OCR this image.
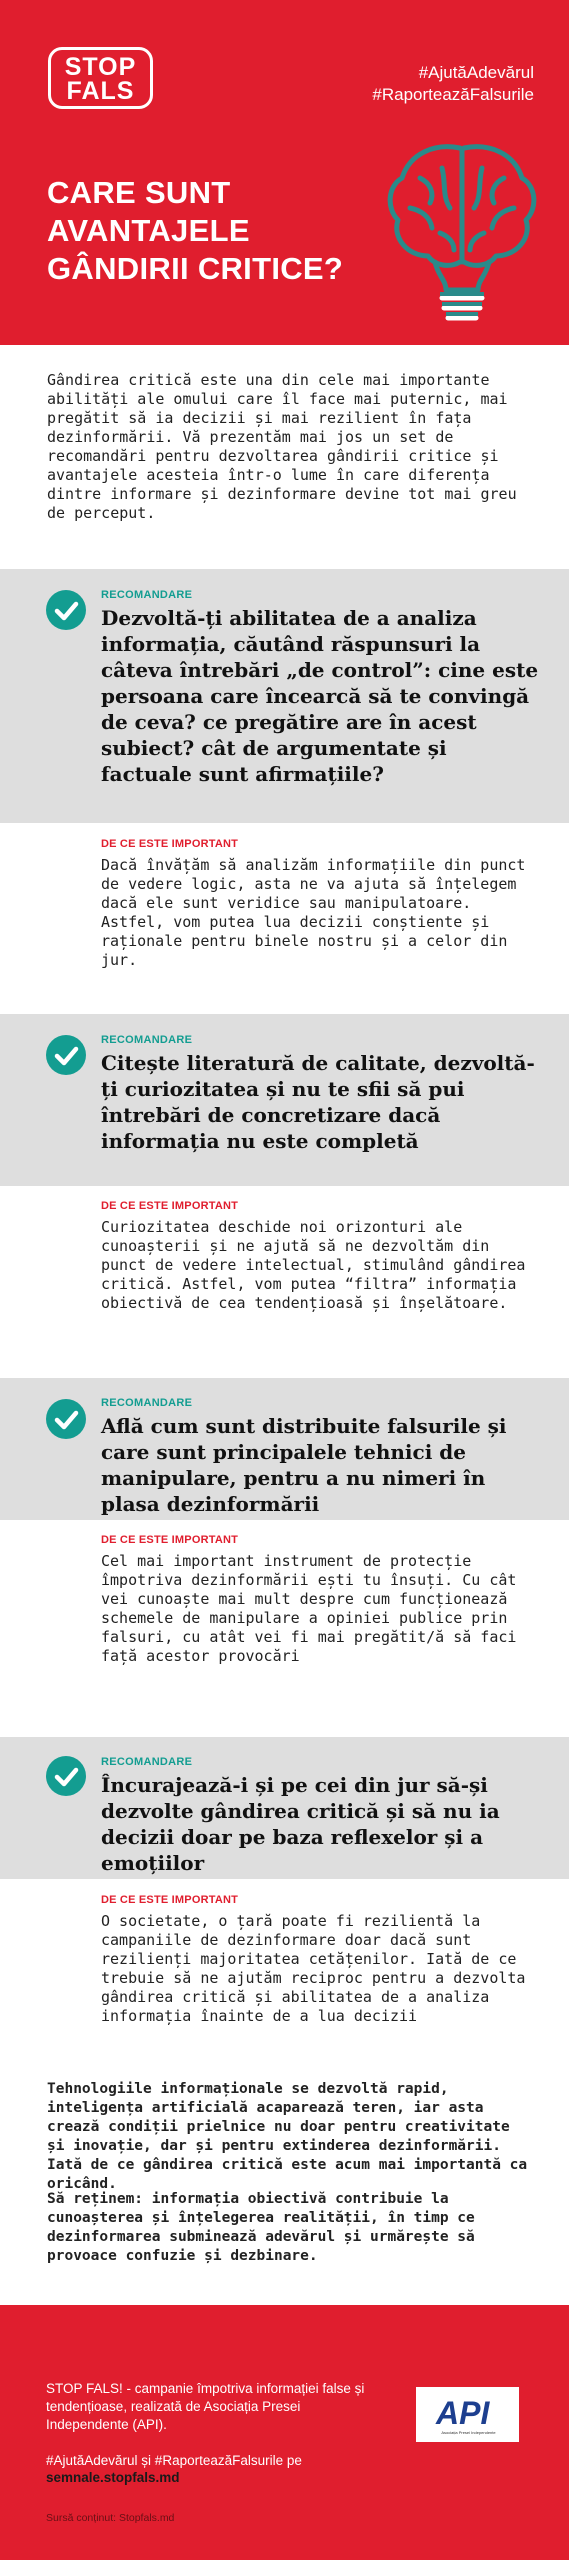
STOP
FALS
#AjutăAdevărul
#RaporteazăFalsurile
CARE SUNT
AVANTAJELE
GÂNDIRII CRITICE?
Gândirea critică este una din cele mai importante abilități ale omului care îl face mai puternic, mai pregătit să ia decizii și mai rezilient în fața dezinformării. Vă prezentăm mai jos un set de recomandări pentru dezvoltarea gândirii critice și avantajele acesteia într-o lume în care diferența dintre informare și dezinformare devine tot mai greu de perceput.
RECOMANDARE
Dezvoltă-ți abilitatea de a analiza informația, căutând răspunsuri la câteva întrebări „de control”: cine este persoana care încearcă să te convingă de ceva? ce pregătire are în acest subiect? cât de argumentate și factuale sunt afirmațiile?
DE CE ESTE IMPORTANT
Dacă învățăm să analizăm informațiile din punct de vedere logic, asta ne va ajuta să înțelegem dacă ele sunt veridice sau manipulatoare. Astfel, vom putea lua decizii conștiente și raționale pentru binele nostru și a celor din jur.
RECOMANDARE
Citește literatură de calitate, dezvoltă-ți curiozitatea și nu te sfii să pui întrebări de concretizare dacă informația nu este completă
DE CE ESTE IMPORTANT
Curiozitatea deschide noi orizonturi ale cunoașterii și ne ajută să ne dezvoltăm din punct de vedere intelectual, stimulând gândirea critică. Astfel, vom putea “filtra” informația obiectivă de cea tendențioasă și înșelătoare.
RECOMANDARE
Află cum sunt distribuite falsurile și care sunt principalele tehnici de manipulare, pentru a nu nimeri în plasa dezinformării
DE CE ESTE IMPORTANT
Cel mai important instrument de protecție împotriva dezinformării ești tu însuți. Cu cât vei cunoaște mai mult despre cum funcționează schemele de manipulare a opiniei publice prin falsuri, cu atât vei fi mai pregătit/ă să faci față acestor provocări
RECOMANDARE
Încurajează-i și pe cei din jur să-și dezvolte gândirea critică și să nu ia decizii doar pe baza reflexelor și a emoțiilor
DE CE ESTE IMPORTANT
O societate, o țară poate fi rezilientă la campaniile de dezinformare doar dacă sunt rezilienți majoritatea cetățenilor. Iată de ce trebuie să ne ajutăm reciproc pentru a dezvolta gândirea critică și abilitatea de a analiza informația înainte de a lua decizii
Tehnologiile informaționale se dezvoltă rapid, inteligența artificială acaparează teren, iar asta crează condiții prielnice nu doar pentru creativitate și inovație, dar și pentru extinderea dezinformării. Iată de ce gândirea critică este acum mai importantă ca oricând.
Să reținem: informația obiectivă contribuie la cunoașterea și înțelegerea realității, în timp ce dezinformarea subminează adevărul și urmărește să provoace confuzie și dezbinare.
STOP FALS! - campanie împotriva informației false și tendențioase, realizată de Asociația Presei Independente (API).
#AjutăAdevărul și #RaporteazăFalsurile pe
semnale.stopfals.md
Sursă conținut: Stopfals.md
API
Asociația Presei Independente
